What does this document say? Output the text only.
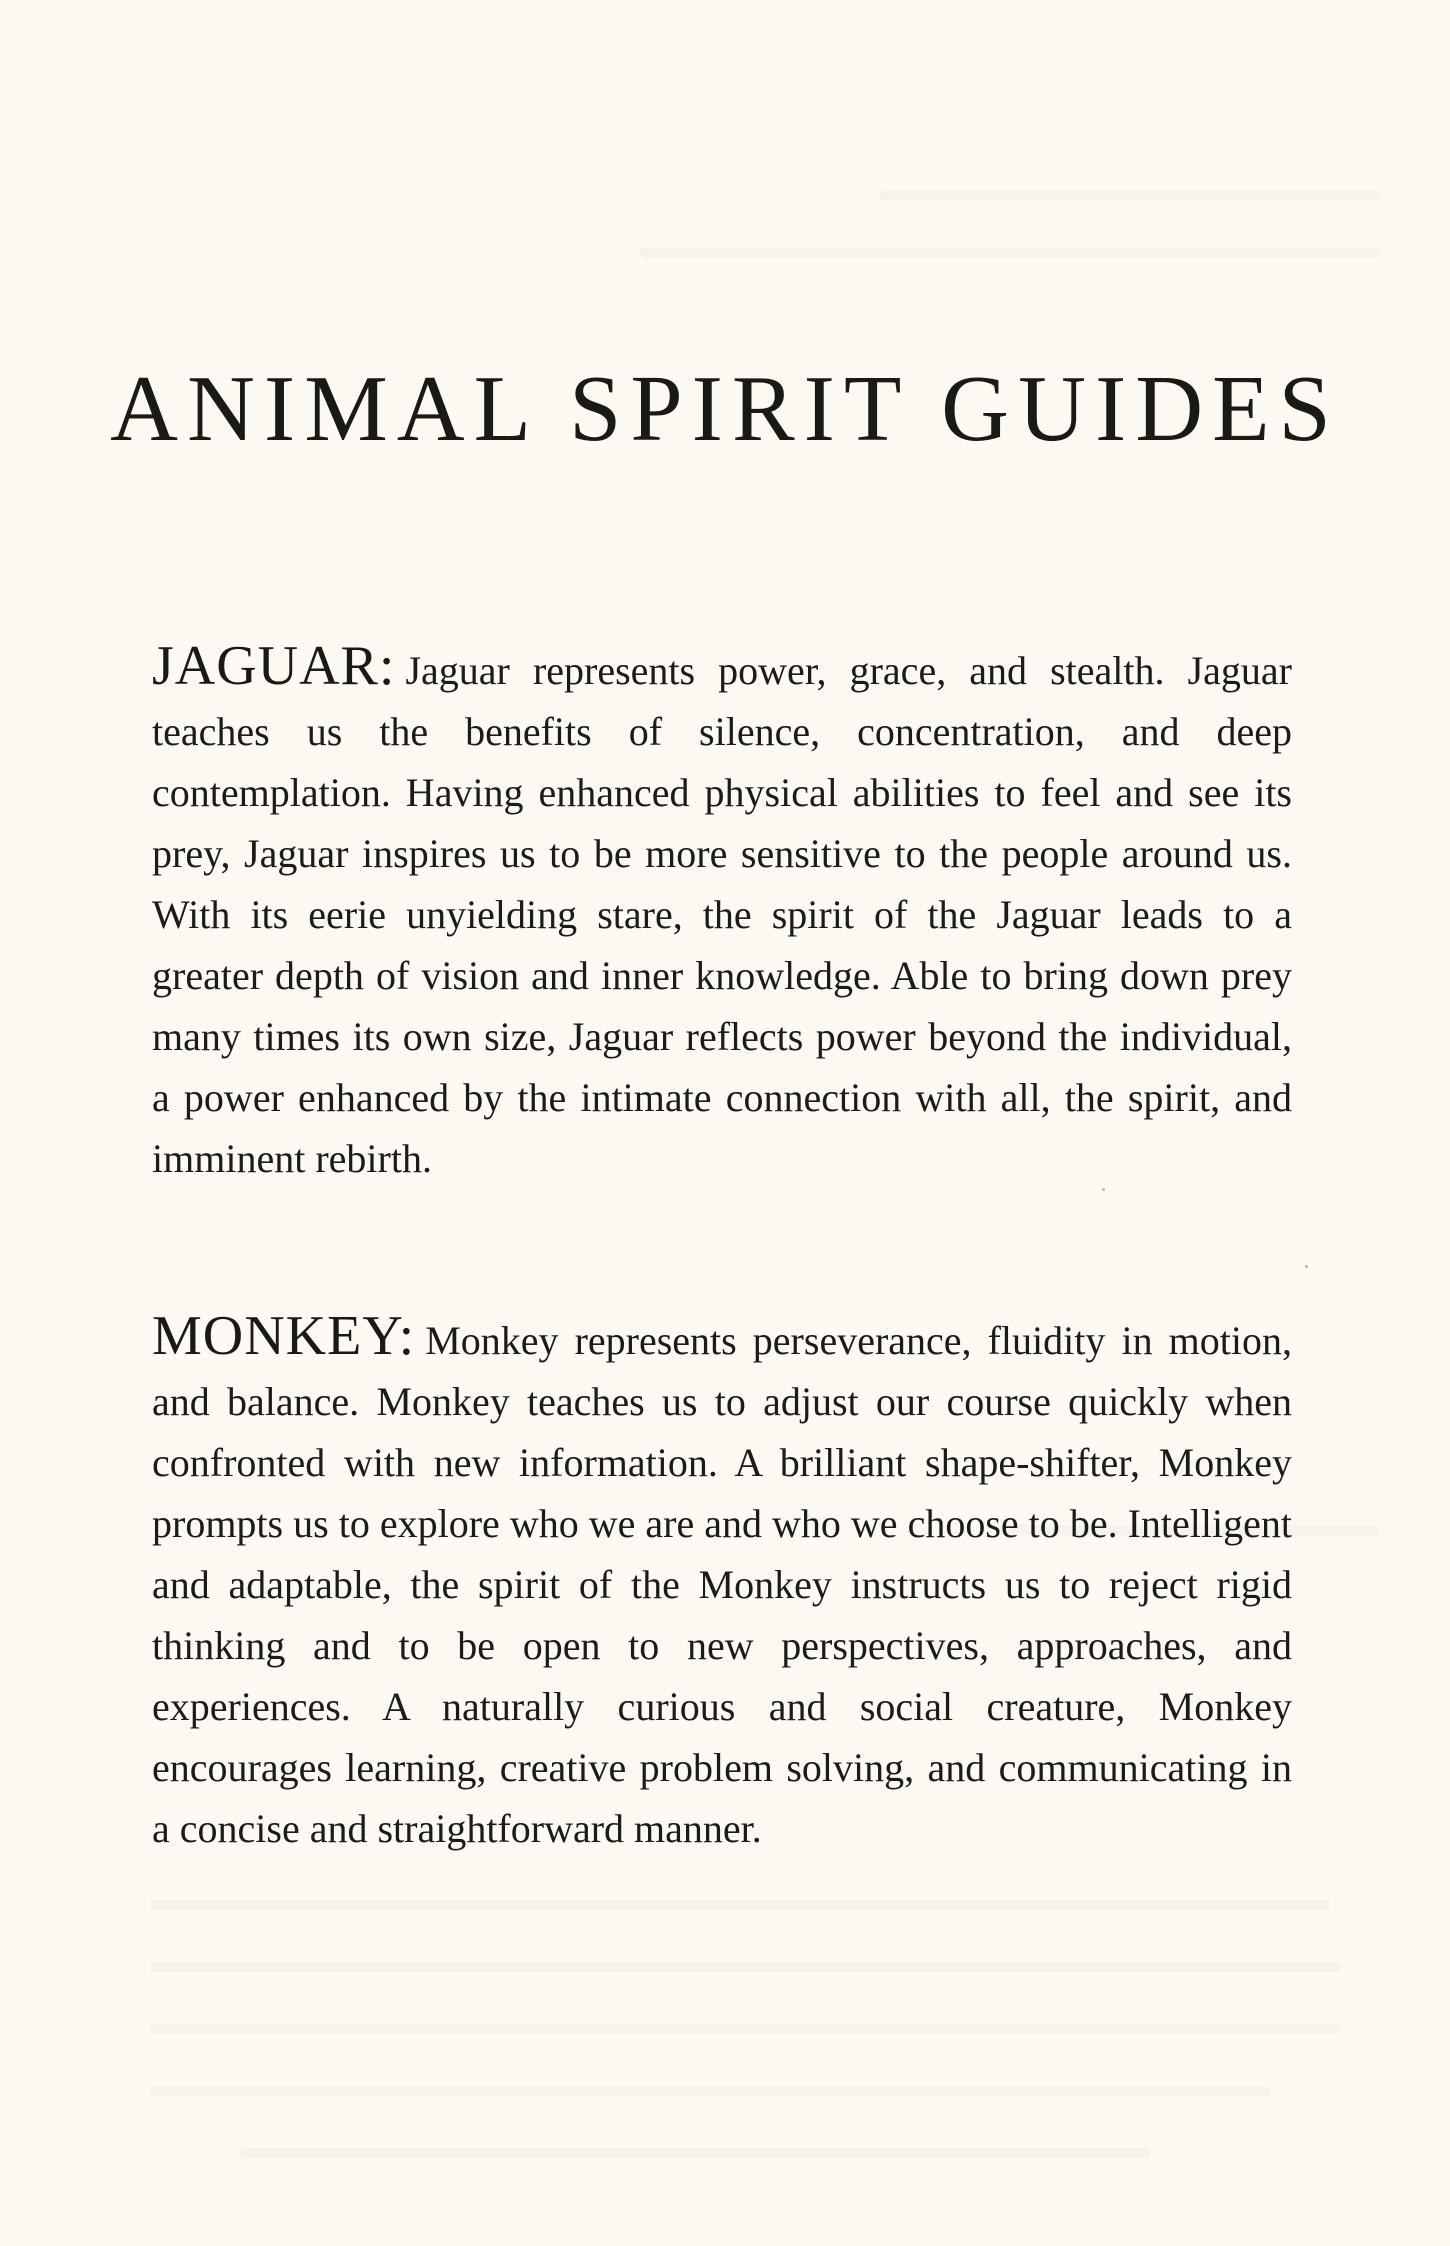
ANIMAL SPIRIT GUIDES

JAGUAR: Jaguar represents power, grace, and stealth. Jaguar teaches us the benefits of silence, concentration, and deep contemplation. Having enhanced physical abilities to feel and see its prey, Jaguar inspires us to be more sensitive to the people around us. With its eerie unyielding stare, the spirit of the Jaguar leads to a greater depth of vision and inner knowledge. Able to bring down prey many times its own size, Jaguar reflects power beyond the individual, a power enhanced by the intimate connection with all, the spirit, and imminent rebirth.

MONKEY: Monkey represents perseverance, fluidity in motion, and balance. Monkey teaches us to adjust our course quickly when confronted with new information. A brilliant shape-shifter, Monkey prompts us to explore who we are and who we choose to be. Intelligent and adaptable, the spirit of the Monkey instructs us to reject rigid thinking and to be open to new perspectives, approaches, and experiences. A naturally curious and social creature, Monkey encourages learning, creative problem solving, and communicating in a concise and straightforward manner.
